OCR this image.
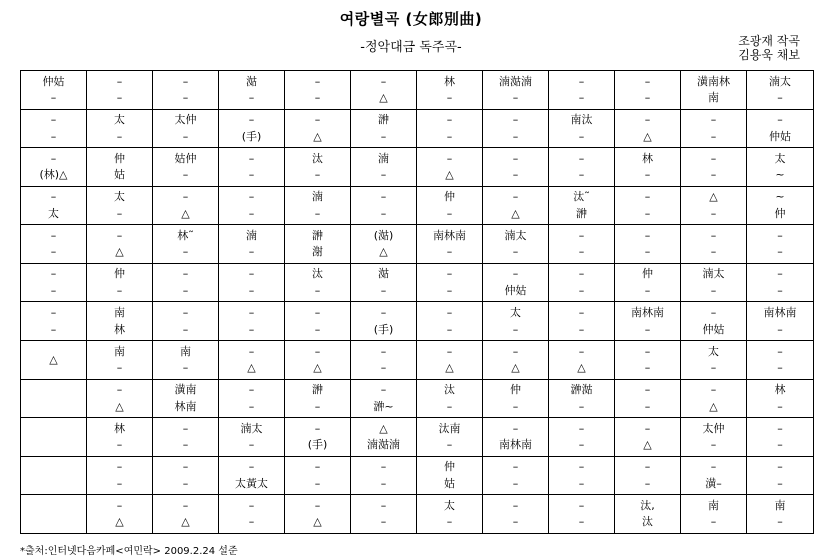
여랑별곡 (女郎別曲)
-정악대금 독주곡-	조광재 작곡
김용욱 채보
仲姑
–
–
–
–
(林)△
–
太
–
–
–
–
–
–
△
–
–
太
–
仲
姑
太
–
–
△
仲
–
南
林
南
–
–
△
林
–
–
–
–
△
–
–
太仲
–
姑仲
–
–
△
林˜
–
–
–
–
–
南
–
潢南
林南
–
–
–
–
–
△
㴌
–
–
(手)
–
–
–
–
湳
–
–
–
–
–
–
△
–
–
湳太
–
–
太黃太
–
–
–
–
–
△
汰
–
湳
–
㴢
㴬
汰
–
–
–
–
△
㴢
–
–
(手)
–
–
–
△
–
△
㴢
–
湳
–
–
–
(㴌)
△
㴌
–
–
(手)
–
–
–
㴢~
△
湳㴌湳
–
–
–
–
林
–
–
–
–
△
仲
–
南林南
–
–
–
–
–
–
△
汰
–
汰南
–
仲
姑
太
–
湳㴌湳
–
–
–
–
–
–
△
湳太
–
–
仲姑
太
–
–
△
仲
–
–
南林南
–
–
–
–
–
–
南汰
–
–
–
汰˜
㴢
–
–
–
–
–
–
–
△
㴢㴌
–
–
–
–
–
–
–
–
–
–
△
林
–
–
–
–
–
仲
–
南林南
–
–
–
–
–
–
△
–
–
汰,
汰
潢南林
南
–
–
–
–
△
–
–
–
湳太
–
–
仲姑
太
–
–
△
太仲
–
–
潢–
南
–
湳太
–
–
仲姑
太
~
~
仲
–
–
–
–
南林南
–
–
–
林
–
–
–
–
–
南
–
*출처:인터넷다음카페<여민락> 2009.2.24 설준
